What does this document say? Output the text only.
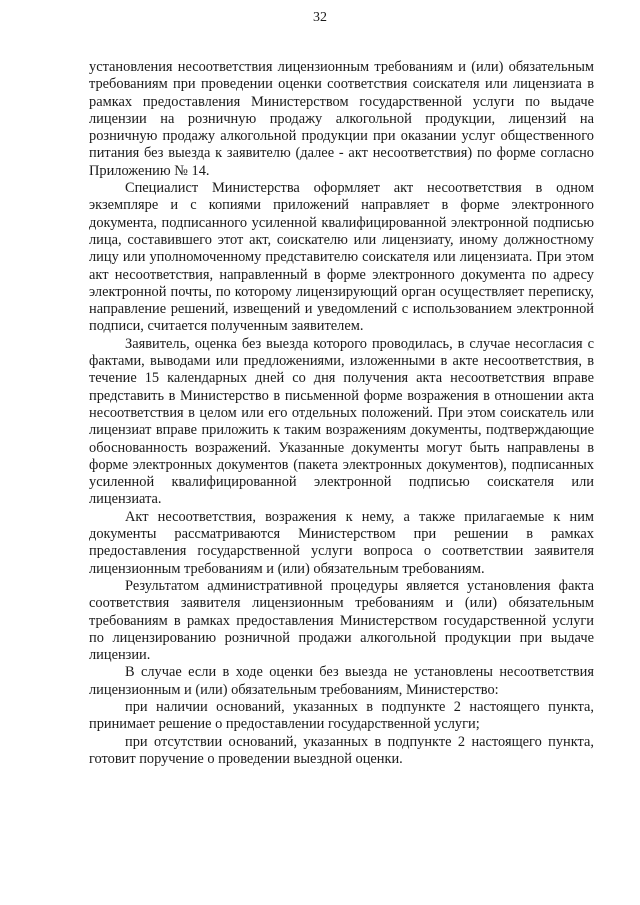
32

установления несоответствия лицензионным требованиям и (или) обязательным требованиям при проведении оценки соответствия соискателя или лицензиата в рамках предоставления Министерством государственной услуги по выдаче лицензии на розничную продажу алкогольной продукции, лицензий на розничную продажу алкогольной продукции при оказании услуг общественного питания без выезда к заявителю (далее - акт несоответствия) по форме согласно Приложению № 14.

Специалист Министерства оформляет акт несоответствия в одном экземпляре и с копиями приложений направляет в форме электронного документа, подписанного усиленной квалифицированной электронной подписью лица, составившего этот акт, соискателю или лицензиату, иному должностному лицу или уполномоченному представителю соискателя или лицензиата. При этом акт несоответствия, направленный в форме электронного документа по адресу электронной почты, по которому лицензирующий орган осуществляет переписку, направление решений, извещений и уведомлений с использованием электронной подписи, считается полученным заявителем.

Заявитель, оценка без выезда которого проводилась, в случае несогласия с фактами, выводами или предложениями, изложенными в акте несоответствия, в течение 15 календарных дней со дня получения акта несоответствия вправе представить в Министерство в письменной форме возражения в отношении акта несоответствия в целом или его отдельных положений. При этом соискатель или лицензиат вправе приложить к таким возражениям документы, подтверждающие обоснованность возражений. Указанные документы могут быть направлены в форме электронных документов (пакета электронных документов), подписанных усиленной квалифицированной электронной подписью соискателя или лицензиата.

Акт несоответствия, возражения к нему, а также прилагаемые к ним документы рассматриваются Министерством при решении в рамках предоставления государственной услуги вопроса о соответствии заявителя лицензионным требованиям и (или) обязательным требованиям.

Результатом административной процедуры является установления факта соответствия заявителя лицензионным требованиям и (или) обязательным требованиям в рамках предоставления Министерством государственной услуги по лицензированию розничной продажи алкогольной продукции при выдаче лицензии.

В случае если в ходе оценки без выезда не установлены несоответствия лицензионным и (или) обязательным требованиям, Министерство:

при наличии оснований, указанных в подпункте 2 настоящего пункта, принимает решение о предоставлении государственной услуги;

при отсутствии оснований, указанных в подпункте 2 настоящего пункта, готовит поручение о проведении выездной оценки.
